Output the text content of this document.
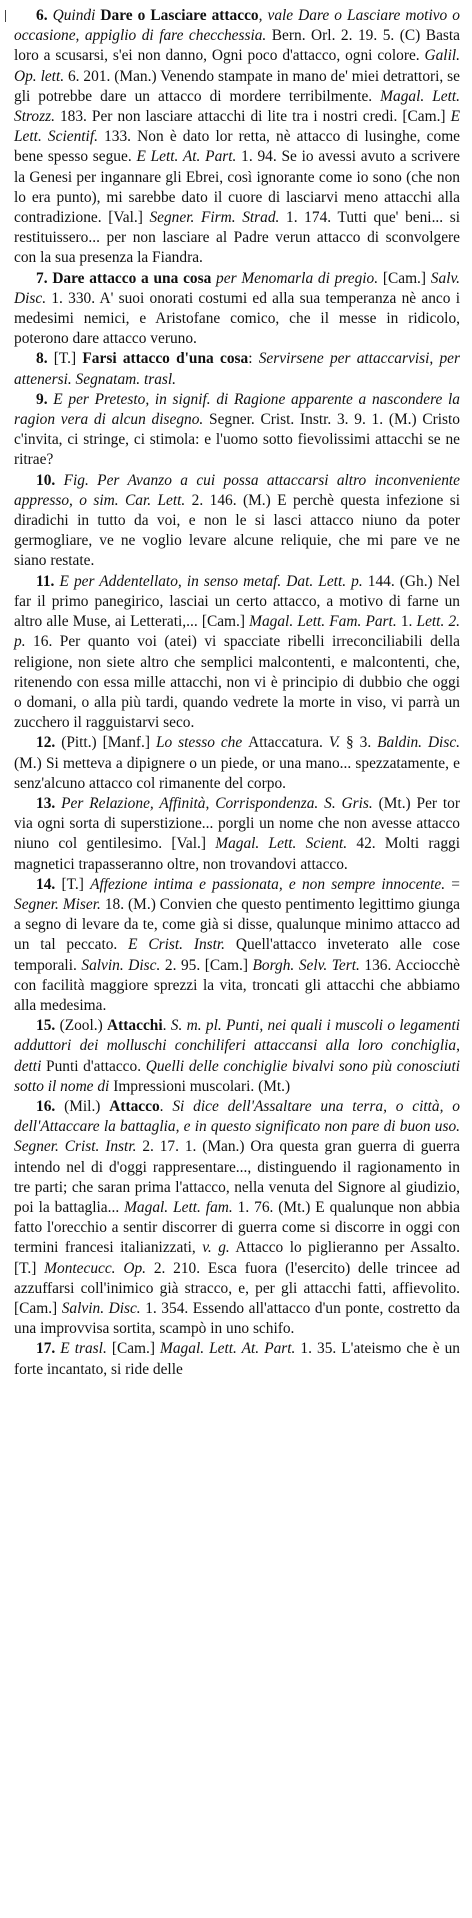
6. Quindi Dare o Lasciare attacco, vale Dare o Lasciare motivo o occasione, appiglio di fare checchessia. Bern. Orl. 2. 19. 5. (C) Basta loro a scusarsi, s'ei non danno, Ogni poco d'attacco, ogni colore. Galil. Op. lett. 6. 201. (Man.) Venendo stampate in mano de' miei detrattori, se gli potrebbe dare un attacco di mordere terribilmente. Magal. Lett. Strozz. 183. Per non lasciare attacchi di lite tra i nostri credi. [Cam.] E Lett. Scientif. 133. Non è dato lor retta, nè attacco di lusinghe, come bene spesso segue. E Lett. At. Part. 1. 94. Se io avessi avuto a scrivere la Genesi per ingannare gli Ebrei, così ignorante come io sono (che non lo era punto), mi sarebbe dato il cuore di lasciarvi meno attacchi alla contradizione. [Val.] Segner. Firm. Strad. 1. 174. Tutti que' beni... si restituissero... per non lasciare al Padre verun attacco di sconvolgere con la sua presenza la Fiandra.

7. Dare attacco a una cosa per Menomarla di pregio. [Cam.] Salv. Disc. 1. 330. A' suoi onorati costumi ed alla sua temperanza nè anco i medesimi nemici, e Aristofane comico, che il messe in ridicolo, poterono dare attacco veruno.

8. [T.] Farsi attacco d'una cosa: Servirsene per attaccarvisi, per attenersi. Segnatam. trasl.

9. E per Pretesto, in signif. di Ragione apparente a nascondere la ragion vera di alcun disegno. Segner. Crist. Instr. 3. 9. 1. (M.) Cristo c'invita, ci stringe, ci stimola: e l'uomo sotto fievolissimi attacchi se ne ritrae?

10. Fig. Per Avanzo a cui possa attaccarsi altro inconveniente appresso, o sim. Car. Lett. 2. 146. (M.) E perchè questa infezione si diradichi in tutto da voi, e non le si lasci attacco niuno da poter germogliare, ve ne voglio levare alcune reliquie, che mi pare ve ne siano restate.

11. E per Addentellato, in senso metaf. Dat. Lett. p. 144. (Gh.) Nel far il primo panegirico, lasciai un certo attacco, a motivo di farne un altro alle Muse, ai Letterati,... [Cam.] Magal. Lett. Fam. Part. 1. Lett. 2. p. 16. Per quanto voi (atei) vi spacciate ribelli irreconciliabili della religione, non siete altro che semplici malcontenti, e malcontenti, che, ritenendo con essa mille attacchi, non vi è principio di dubbio che oggi o domani, o alla più tardi, quando vedrete la morte in viso, vi parrà un zucchero il ragguistarvi seco.

12. (Pitt.) [Manf.] Lo stesso che Attaccatura. V. § 3. Baldin. Disc. (M.) Si metteva a dipignere o un piede, or una mano... spezzatamente, e senz'alcuno attacco col rimanente del corpo.

13. Per Relazione, Affinità, Corrispondenza. S. Gris. (Mt.) Per tor via ogni sorta di superstizione... porgli un nome che non avesse attacco niuno col gentilesimo. [Val.] Magal. Lett. Scient. 42. Molti raggi magnetici trapasseranno oltre, non trovandovi attacco.

14. [T.] Affezione intima e passionata, e non sempre innocente. = Segner. Miser. 18. (M.) Convien che questo pentimento legittimo giunga a segno di levare da te, come già si disse, qualunque minimo attacco ad un tal peccato. E Crist. Instr. Quell'attacco inveterato alle cose temporali. Salvin. Disc. 2. 95. [Cam.] Borgh. Selv. Tert. 136. Acciocchè con facilità maggiore sprezzi la vita, troncati gli attacchi che abbiamo alla medesima.

15. (Zool.) Attacchi. S. m. pl. Punti, nei quali i muscoli o legamenti adduttori dei molluschi conchiliferi attaccansi alla loro conchiglia, detti Punti d'attacco. Quelli delle conchiglie bivalvi sono più conosciuti sotto il nome di Impressioni muscolari. (Mt.)

16. (Mil.) Attacco. Si dice dell'Assaltare una terra, o città, o dell'Attaccare la battaglia, e in questo significato non pare di buon uso. Segner. Crist. Instr. 2. 17. 1. (Man.) Ora questa gran guerra di guerra intendo nel di d'oggi rappresentare..., distinguendo il ragionamento in tre parti; che saran prima l'attacco, nella venuta del Signore al giudizio, poi la battaglia... Magal. Lett. fam. 1. 76. (Mt.) E qualunque non abbia fatto l'orecchio a sentir discorrer di guerra come si discorre in oggi con termini francesi italianizzati, v. g. Attacco lo piglieranno per Assalto. [T.] Montecucc. Op. 2. 210. Esca fuora (l'esercito) delle trincee ad azzuffarsi coll'inimico già stracco, e, per gli attacchi fatti, affievolito. [Cam.] Salvin. Disc. 1. 354. Essendo all'attacco d'un ponte, costretto da una improvvisa sortita, scampò in uno schifo.

17. E trasl. [Cam.] Magal. Lett. At. Part. 1. 35. L'ateismo che è un forte incantato, si ride delle
